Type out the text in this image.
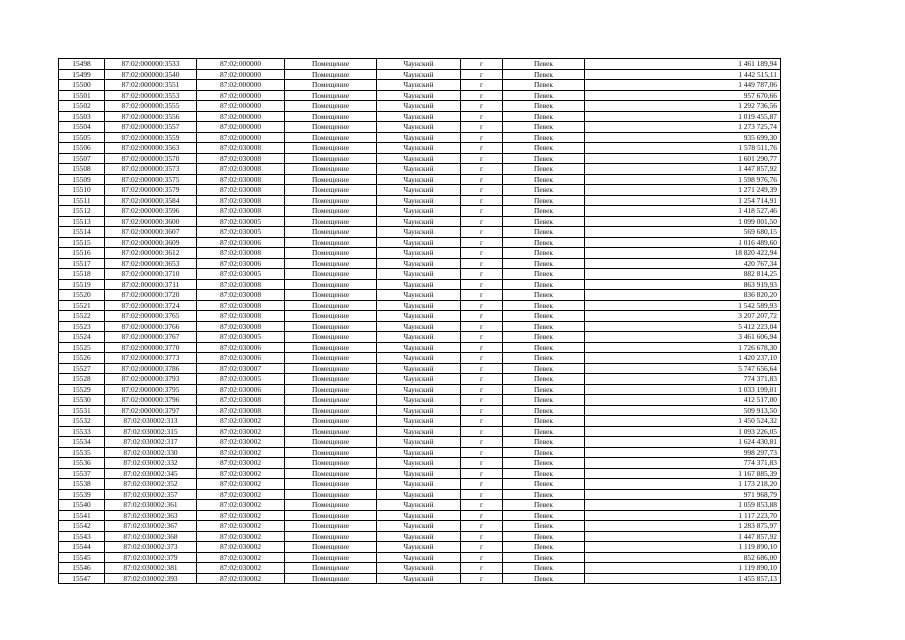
15498	87:02:000000:3533	87:02:000000	Помещение	Чаунский	г	Певек	1 461 189,94
15499	87:02:000000:3540	87:02:000000	Помещение	Чаунский	г	Певек	1 442 515,11
15500	87:02:000000:3551	87:02:000000	Помещение	Чаунский	г	Певек	1 449 787,06
15501	87:02:000000:3553	87:02:000000	Помещение	Чаунский	г	Певек	957 670,66
15502	87:02:000000:3555	87:02:000000	Помещение	Чаунский	г	Певек	1 292 736,56
15503	87:02:000000:3556	87:02:000000	Помещение	Чаунский	г	Певек	1 019 455,87
15504	87:02:000000:3557	87:02:000000	Помещение	Чаунский	г	Певек	1 273 725,74
15505	87:02:000000:3559	87:02:000000	Помещение	Чаунский	г	Певек	935 699,30
15506	87:02:000000:3563	87:02:030008	Помещение	Чаунский	г	Певек	1 578 511,76
15507	87:02:000000:3570	87:02:030008	Помещение	Чаунский	г	Певек	1 601 290,77
15508	87:02:000000:3573	87:02:030008	Помещение	Чаунский	г	Певек	1 447 857,92
15509	87:02:000000:3575	87:02:030008	Помещение	Чаунский	г	Певек	1 598 976,76
15510	87:02:000000:3579	87:02:030008	Помещение	Чаунский	г	Певек	1 271 249,39
15511	87:02:000000:3584	87:02:030008	Помещение	Чаунский	г	Певек	1 254 714,91
15512	87:02:000000:3596	87:02:030008	Помещение	Чаунский	г	Певек	1 418 527,46
15513	87:02:000000:3600	87:02:030005	Помещение	Чаунский	г	Певек	1 099 001,50
15514	87:02:000000:3607	87:02:030005	Помещение	Чаунский	г	Певек	569 680,15
15515	87:02:000000:3609	87:02:030006	Помещение	Чаунский	г	Певек	1 016 489,60
15516	87:02:000000:3612	87:02:030008	Помещение	Чаунский	г	Певек	18 820 422,94
15517	87:02:000000:3653	87:02:030006	Помещение	Чаунский	г	Певек	420 767,34
15518	87:02:000000:3710	87:02:030005	Помещение	Чаунский	г	Певек	882 814,25
15519	87:02:000000:3711	87:02:030008	Помещение	Чаунский	г	Певек	863 919,93
15520	87:02:000000:3720	87:02:030008	Помещение	Чаунский	г	Певек	836 820,20
15521	87:02:000000:3724	87:02:030008	Помещение	Чаунский	г	Певек	1 542 589,93
15522	87:02:000000:3765	87:02:030008	Помещение	Чаунский	г	Певек	3 207 207,72
15523	87:02:000000:3766	87:02:030008	Помещение	Чаунский	г	Певек	5 412 223,04
15524	87:02:000000:3767	87:02:030005	Помещение	Чаунский	г	Певек	3 461 606,94
15525	87:02:000000:3770	87:02:030006	Помещение	Чаунский	г	Певек	1 726 678,30
15526	87:02:000000:3773	87:02:030006	Помещение	Чаунский	г	Певек	1 420 237,10
15527	87:02:000000:3786	87:02:030007	Помещение	Чаунский	г	Певек	5 747 656,64
15528	87:02:000000:3793	87:02:030005	Помещение	Чаунский	г	Певек	774 371,83
15529	87:02:000000:3795	87:02:030006	Помещение	Чаунский	г	Певек	1 033 199,01
15530	87:02:000000:3796	87:02:030008	Помещение	Чаунский	г	Певек	412 517,00
15531	87:02:000000:3797	87:02:030008	Помещение	Чаунский	г	Певек	509 913,50
15532	87:02:030002:313	87:02:030002	Помещение	Чаунский	г	Певек	1 450 524,32
15533	87:02:030002:315	87:02:030002	Помещение	Чаунский	г	Певек	1 093 226,05
15534	87:02:030002:317	87:02:030002	Помещение	Чаунский	г	Певек	1 624 430,81
15535	87:02:030002:330	87:02:030002	Помещение	Чаунский	г	Певек	998 297,73
15536	87:02:030002:332	87:02:030002	Помещение	Чаунский	г	Певек	774 371,83
15537	87:02:030002:345	87:02:030002	Помещение	Чаунский	г	Певек	1 167 885,39
15538	87:02:030002:352	87:02:030002	Помещение	Чаунский	г	Певек	1 173 218,20
15539	87:02:030002:357	87:02:030002	Помещение	Чаунский	г	Певек	971 968,79
15540	87:02:030002:361	87:02:030002	Помещение	Чаунский	г	Певек	1 059 853,88
15541	87:02:030002:363	87:02:030002	Помещение	Чаунский	г	Певек	1 117 223,70
15542	87:02:030002:367	87:02:030002	Помещение	Чаунский	г	Певек	1 283 875,97
15543	87:02:030002:368	87:02:030002	Помещение	Чаунский	г	Певек	1 447 857,92
15544	87:02:030002:373	87:02:030002	Помещение	Чаунский	г	Певек	1 119 890,10
15545	87:02:030002:379	87:02:030002	Помещение	Чаунский	г	Певек	852 686,00
15546	87:02:030002:381	87:02:030002	Помещение	Чаунский	г	Певек	1 119 890,10
15547	87:02:030002:393	87:02:030002	Помещение	Чаунский	г	Певек	1 455 857,13
